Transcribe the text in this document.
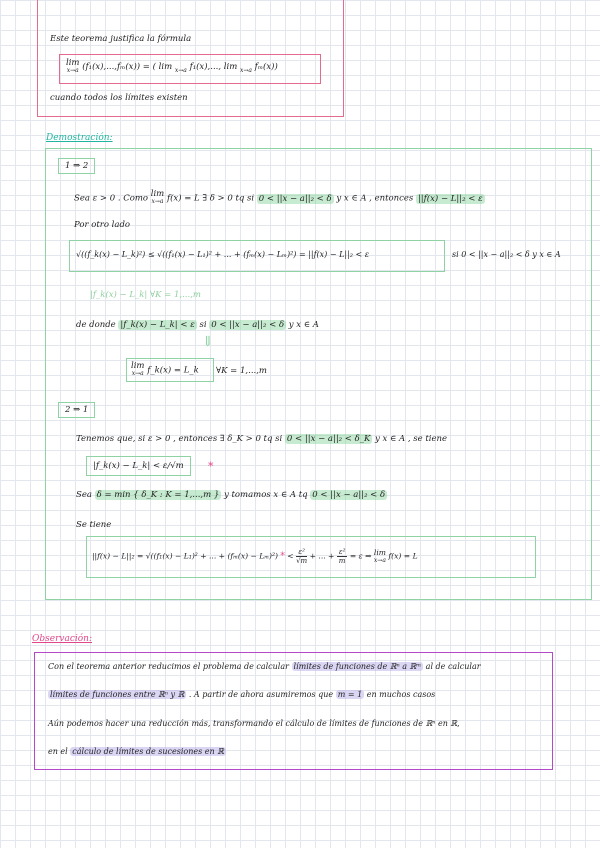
Este teorema justifica la fórmula
lim
x→a (f₁(x),...,fₘ(x)) = ( lim x→a f₁(x),..., lim x→a fₘ(x))
cuando todos los límites existen
Demostración:
1 ⇒ 2
Sea ε > 0 . Como lim
x→a f(x) = L ∃ δ > 0 tq si 0 < ||x − a||₂ < δ y x ∈ A , entonces ||f(x) − L||₂ < ε
Por otro lado
√((f_k(x) − L_k)²) ≤ √((f₁(x) − L₁)² + ... + (fₘ(x) − Lₘ)²) = ||f(x) − L||₂ < ε	si 0 < ||x − a||₂ < δ y x ∈ A
|f_k(x) − L_k| ∀K = 1,...,m
de donde |f_k(x) − L_k| < ε si 0 < ||x − a||₂ < δ y x ∈ A
⇓
lim
x→a f_k(x) = L_k ∀K = 1,...,m
2 ⇒ 1
Tenemos que, si ε > 0 , entonces ∃ δ_K > 0 tq si 0 < ||x − a||₂ < δ_K y x ∈ A , se tiene
|f_k(x) − L_k| < ε/√m	*
Sea δ = min { δ_K : K = 1,...,m } y tomamos x ∈ A tq 0 < ||x − a||₂ < δ
Se tiene
||f(x) − L||₂ = √((f₁(x) − L₁)² + ... + (fₘ(x) − Lₘ)²) * < $\frac{\text{ε²}}{√m}$ + ... + $\frac{\text{ε²}}{m} = \varepsilon$ ⇒ lim
x→a f(x) = L
Observación:
Con el teorema anterior reducimos el problema de calcular límites de funciones de ℝⁿ a ℝᵐ al de calcular
límites de funciones entre ℝⁿ y ℝ . A partir de ahora asumiremos que m = 1 en muchos casos
Aún podemos hacer una reducción más, transformando el cálculo de límites de funciones de ℝⁿ en ℝ,
en el cálculo de límites de sucesiones en ℝ
